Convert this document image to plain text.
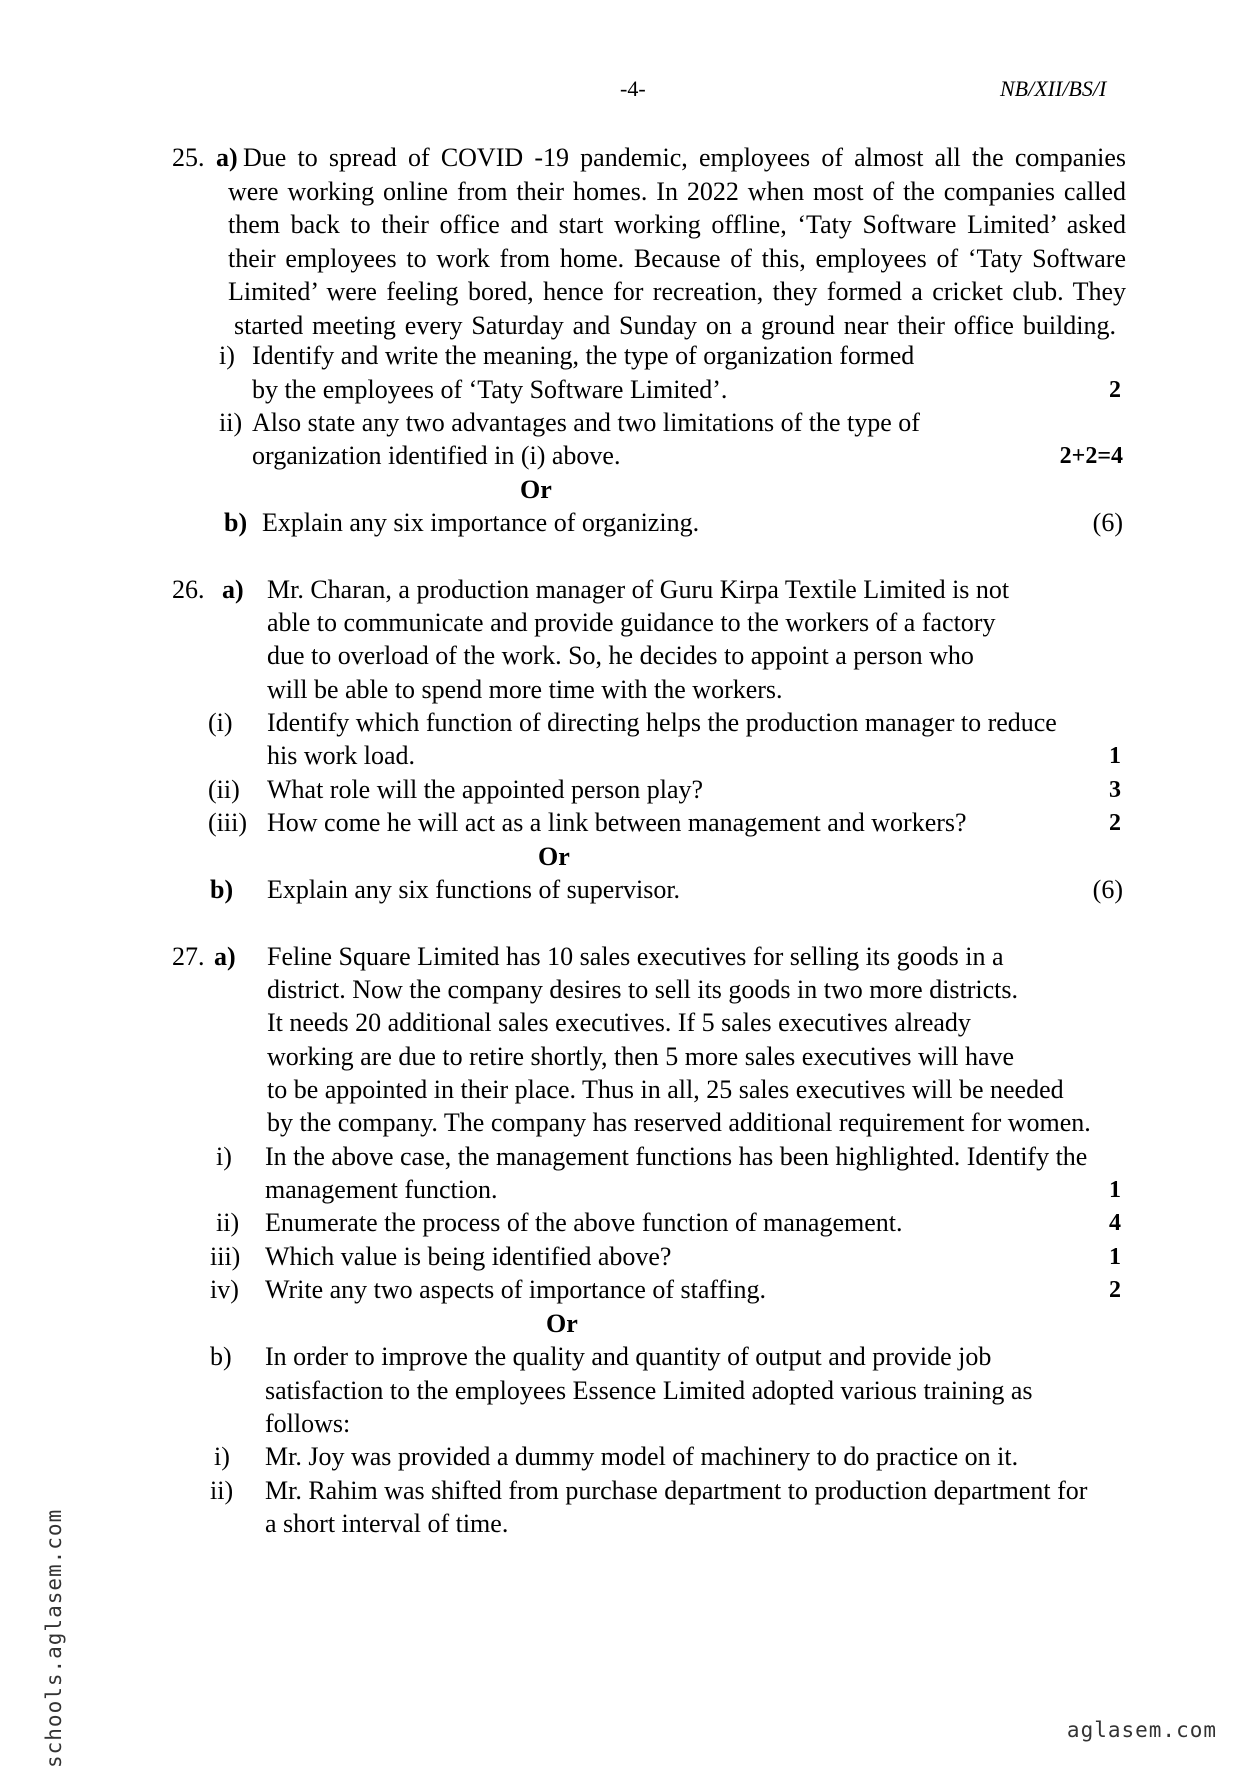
-4-	NB/XII/BS/I
25. a) Due to spread of COVID -19 pandemic, employees of almost all the companies
were working online from their homes. In 2022 when most of the companies called
them back to their office and start working offline, ‘Taty Software Limited’ asked
their employees to work from home. Because of this, employees of ‘Taty Software
Limited’ were feeling bored, hence for recreation, they formed a cricket club. They
started meeting every Saturday and Sunday on a ground near their office building.
i) Identify and write the meaning, the type of organization formed
by the employees of ‘Taty Software Limited’.	2
ii) Also state any two advantages and two limitations of the type of
organization identified in (i) above.	2+2=4
Or
b) Explain any six importance of organizing.	(6)
26. a) Mr. Charan, a production manager of Guru Kirpa Textile Limited is not
able to communicate and provide guidance to the workers of a factory
due to overload of the work. So, he decides to appoint a person who
will be able to spend more time with the workers.
(i) Identify which function of directing helps the production manager to reduce
his work load.	1
(ii) What role will the appointed person play?	3
(iii) How come he will act as a link between management and workers?	2
Or
b) Explain any six functions of supervisor.	(6)
27. a) Feline Square Limited has 10 sales executives for selling its goods in a
district. Now the company desires to sell its goods in two more districts.
It needs 20 additional sales executives. If 5 sales executives already
working are due to retire shortly, then 5 more sales executives will have
to be appointed in their place. Thus in all, 25 sales executives will be needed
by the company. The company has reserved additional requirement for women.
i) In the above case, the management functions has been highlighted. Identify the
management function.	1
ii) Enumerate the process of the above function of management.	4
iii) Which value is being identified above?	1
iv) Write any two aspects of importance of staffing.	2
Or
b) In order to improve the quality and quantity of output and provide job
satisfaction to the employees Essence Limited adopted various training as
follows:
i) Mr. Joy was provided a dummy model of machinery to do practice on it.
ii) Mr. Rahim was shifted from purchase department to production department for
a short interval of time.
schools.aglasem.com	aglasem.com
